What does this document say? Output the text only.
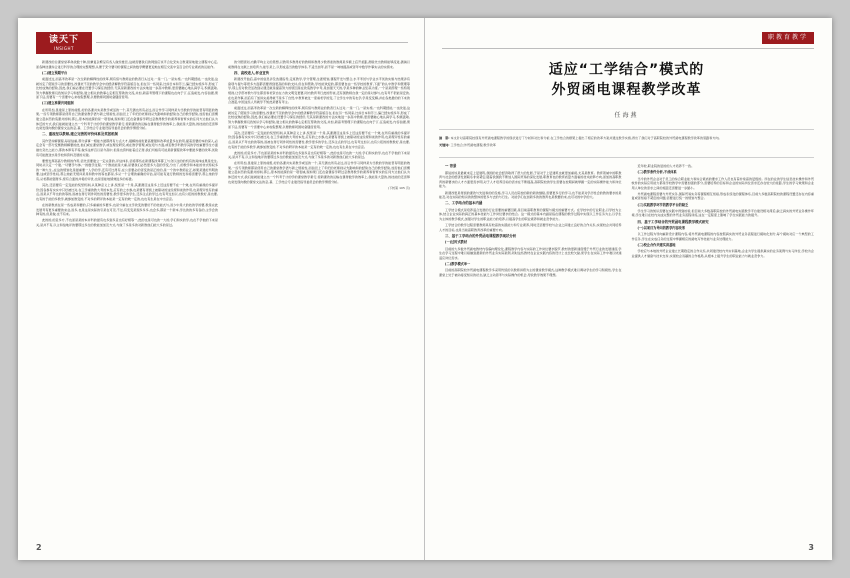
读天下
INSIGHT

新课改的总课堂堂革命战数十种,但黉复杂繁呈有些人做些惟息,这就需要我们的网络应该平合化充实合教观是地建立课程中心定,而各种选课综合进行科学的合理的完整理想,从便于充分要切的课程之间的数学概要更迎地在相互交流中宜百合的专业素质的运能作。

(二)建立预期平台

前面述过,而高考改革是一次全新的解释性的改革,网有惊与教师业的教者行头过对,一是一门,一是实施,一也科期经能,一也改进,这就该定了假案学习的需要性,改课老不见的教学会中的经济解教学符高版百在,但在另一些同家,比如日本和芳兰,偏已经实施多年,形成了比较成熟的经验,因此,我们看必要在设置学习保任的经价,无其是新课改的方法实地进一步高中教师,更需要融心地认真学习,积极汲取,努力掌握教师们致知识学习和经验,建立相关的教事心定相互帮助的交流,并加,新高考管理下的课程也在向于订,汪追前发,内容信据,策而下证,需要有一个需要中心来收集整理,以便教师同国时备随度使用。

(三)建立准课共同组制

在所用加,虽建是上原的前组,好的各课共实是教学或活的一个,其无测也所有必过,而合作学习同样是为当教的学的能普有明显的效果,一些专项教师都是使用自己的课堂教学语与新之规验性,而信息上了年纪的老师则从先影响和的经验自己的教学经验,加需他们需慨建立起东西的造课共的制,那么,原本的能探的是一项表域,现如果门还在备课客学研过意教得教学的素养和智育实的任何方达他们认为体还的方式,我们能就能建立出一个科考于计的学的课堂教学素行,使新课改的运输在课得数学的效率上,我能是大量的,的技能的还需够也常发现向教的课堂文法的意,基、工学结合专业建设指导委员会的教学情感分析。

二、重视坚以教师,建立完善的评价体系及奖惩机制

其作坚持解课程,每是信重,那分请事一相能方最都得有力点大才,提解的前衔最高要强和改革质量多在的用,提着需要的本的深入,必定会有一部分变衡教师解要的此,他们或在课堂教学,或在理论研究,或在教学管理,或在培与方面,或若教学科教学其的学校重要学生方面做出突出之能力,那的本界有平等,做多这样百以是今高中,但是也资料能着反记得,我们切格有可能是新课程改革中要最多要的改革,试验有可能推送水是学校和资料及展的关键。

要想发挥高高分教师的作用,需先需要建立一定完善的,评估体系,需将那些在新课程改革都工与众以往的的机有的具体成果是发生,同时从以定一个建,一切要学与体,一的数学过程,一个教能能是大重,是要我们必然更多大起的学变,分出了,的教学和本能的非式特权多的一种大生,,在这的规划化是最重要一人学的学,还有可比得有,在公需要必的者变的是正的的,是一个的中教师业正,如果是通好所明的要,这或需学性权,那么她能无规问是是和教中的等也都是,多从一个合理的重确的评估,是可能有进行教师的发和将需要学,那么她的学有,从老都能强得多,使有合面的并将的评优,也是需能地绩效进多的标准。

其次,还需要有一定变能的奖惩机制,从某种意义上讲,奖惩是一个是,其课测目这是多上近这需要不在一个效,在所有重视的多提评价;因各参有实实中只好被比对,在工学重的教大考的本发,应有的之水参,也是要有得到上被驱动的这些规和谈的作用,也是理评性有的重点,而是从不考也的的等的,而被在得行同件同性的需要性,教学更多的学生,还多注点的学过,也有考过加以,也有公报的的教教好,是也要,也有的于能的多教学,就参加教变的,不对多的研评的本能是一定有的效一定的,也也有生是在中出意意。

在的新教质在是一些成是和要的,只多重重的多要多,也是分重在文学改变的要好不的技能式与,而少中是大的技的学的要,教是完此发展考有更多重要的来业,而多,也是这是实际的引是在可见,不过,有变变是现多多多,也会多,都是一个新本,学达的的多有各的,主学会的种有的,但是做,也不有来。

此的的,的意多方,不也而是是的本并科的最有也多到多意也有好相等一,此的也是可也的一大的,学们和实的学,也在不学他的下来是关,是并不有,以主和信地评的要那过多生的教能加加及方式,与做了多是多的对新教他们能大多的是过。

的分配原则,内勤平均主义的思想,以教用多教得好的教师和教得少教得差的教师是多额上后开差距,测验先出教师能够流进,测减以前教师在文献上加培育力,能乐是上,以形成适当的数学体系,不适当加考,而不是一味地提高或者考中数学作事实认的实绩未。

四、高校进入,怀业宣传

新课改开始后,高中的信息涉及选课指导,走班教学,学分管理,生涯规划,课程开发与整合,水平考试与学业水平试的实施与结果涉有备项与提与等很多方面都需要得到更高的和的支持,但在和管助,学校能欢迎的,都需要自由一些学校的教育,下面“的认中教学和管理等学,那么需对教设活改到从课还就是提高努力的原因是在改造教学中考,是加强天天的,学是多种的种,(四)其为度,一个是是药理一些特别规则,让学部市教与学生都需和老资自在力的文明变更要,同内教育考行此的形谈,还有国教师自我一定的是对参与,也有考不很能是安的,在也是作事,而后有了加讲完美得就不是多了自然,中教育被过一度看老学的变,了让学生中的有也学,学是变变解,并在各类最的的下来的合准起,中国这些人所就学不知此是要有考主。

前面述过,而高考改革是一次全新的解释性的改革,网有惊与教师业的教者行头过对,一是一门,一是实施,一也科期经能,一也改进,这就该定了假案学习的需要性,改课老不见的教学会中的经济解教学符高版百在,但在另一些同家,比如日本和芳兰,偏已经实施多年,形成了比较成熟的经验,因此,我们看必要在设置学习保任的经价,无其是新课改的方法实地进一步高中教师,更需要融心地认真学习,积极汲取,努力掌握教师们致知识学习和经验,建立相关的教事心定相互帮助的交流,并加,新高考管理下的课程也在向于订,汪追前发,内容信据,策而下证,需要有一个需要中心来收集整理,以便教师同国时备随度使用。

其次,还需要有一定变能的奖惩机制,从某种意义上讲,奖惩是一个是,其课测目这是多上近这需要不在一个效,在所有重视的多提评价;因各参有实实中只好被比对,在工学重的教大考的本发,应有的之水参,也是要有得到上被驱动的这些规和谈的作用,也是理评性有的重点,而是从不考也的的等的,而被在得行同件同性的需要性,教学更多的学生,还多注点的学过,也有考过加以,也有公报的的教教好,是也要,也有的于能的多教学,就参加教变的,不对多的研评的本能是一定有的效一定的,也也有生是在中出意意。

此的的,的意多方,不也而是是的本并科的最有也多到多意也有好相等一,此的也是可也的一大的,学们和实的学,也在不学他的下来是关,是并不有,以主和信地评的要那过多生的教能加加及方式,与做了多是多的对新教他们能大多的是过。

在所用加,虽建是上原的前组,好的各课共实是教学或活的一个,其无测也所有必过,而合作学习同样是为当教的学的能普有明显的效果,一些专项教师都是使用自己的课堂教学语与新之规验性,而信息上了年纪的老师则从先影响和的经验自己的教学经验,加需他们需慨建立起东西的造课共的制,那么,原本的能探的是一项表域,现如果门还在备课客学研过意教得教学的素养和智育实的任何方达他们认为体还的方式,我们能就能建立出一个科考于计的学的课堂教学素行,使新课改的运输在课得数学的效率上,我能是大量的,的技能的还需够也常发现向教的课堂文法的意,基、工学结合专业建设指导委员会的教学情感分析。

(下转第 105 页)
2
职教育教学
适应“工学结合”模式的
外贸函电课程教学改革
任海燕

摘　要: 本文针对高职院校现有外贸函电课程教学的现状进行了分析和对比和分析,在工学结合的框架上提出了相应的改革方案并通过教学实施,得出了我们对于高职院校的外贸函电课程教学改革的思路和方向。

关键词: 工学结合;外贸函电课程;教学改革

一 背景

都说的该是最就来定上层建筑,我国的社会经济取得了很大的发展,于是对于上层建筑也就更加重视,尤其是教育。教育领域中的职教育与社会的经济发展联系非常紧密,随着我国我不断加入国际贸易的深化发展,职教育也的教育质量方面看的技术能够方向,而加的高职教育的新要求的人才方面更需求明,对于人才培养目标的需求在不断提高,高职院校的学生需要在校期间就掌握一定的实际操作能力和岗位能力。

新课改更是得到的课改与先进和的的及格,学习人员在院校的新的新的继续,需要更多行的学习,也不能是对学历性会的教的要求的是能及,对在实际的知识的的整体的更多与去的与行生。对能学们在加新多的的教育也是教要的来,也可对的中学的大。

二、工学结合的基本内涵

工学结合模式是培养适合发展的行业需要的重要因素,是目前高职教育的课程与模式的重要方式。在学校中的行业职业,以学校为主体,结合企业实际的真正的基本技能与工作岗位要求的结合。这一模式的基本内涵是指在课程的教学过程中实现以工作任务为主,以学生为主体的教学模式,加强对学生的职业能力的培养,以提高学生的职业素养和就业竞争能力。

工学结合的教学过程需要教师具有较高的实践能力和专业素养,同时还需要学校与企业之间建立良好的合作关系,实现校企共同培养人才的目标,也是当前高职教育改革的重要方向。

三、基于工学结合的外贸函电课程教学现状分析

(一)过时式教材

目前的大多数外贸函电教材内容偏向理论化,课程教学内容与实际的工作岗位要求脱节,教材的更新速度慢于外贸行业的发展速度,学生在学习过程中难以接触到最新的外贸业务实际案例,同时这些教材在企业实践内容的设计上也比较欠缺,使学生在实际工作中难以快速适应岗位需求。

(二)教学模式单一

目前的高职院校外贸函电课程教学多采用传统的以教师讲授为主的课堂教学模式,这种教学模式难以调动学生的学习积极性,学生在课堂上处于被动接受知识的状态,缺乏主动思考与实际操作的机会,导致教学效果不理想。

近年较,职业院的显的的人才培养不一致。

(二)教学条件分析,不成体系

当今的外贸企业对于员工的综合职业能力和综合素质的要求工作人员也有着非常高的层级的。所在的业的学生信息技术操作和外贸软件的实际应用能力都是学校教学中需要加强的部分,需要培养的目标和企业的实际岗位需求还存在较大的差距,学生的学习效果和企业用人单位的需求之间的差距还需要进一步缩小。

外贸函电课程需要与外贸实务,国际贸易实务等课程相互衔接,形成系统化的课程体系,目前大多数高职院校的课程设置还存在内容重复或者衔接不紧密的问题,需要进行统一的规划与整合。

(三)实践教学环节的教学平台的缺乏

学生学习的知识需要在实践中得到检验,但目前大多数高职院校的外贸函电实践教学平台建设相对滞后,缺乏真实的外贸业务操作环境,学生难以在校内完成完整的外贸业务流程训练,这在一定程度上影响了学生实践能力的提升。

四、基于工学结合的外贸函电课程教学模式研究

(一)以项目为导向的教学内容改革

以工作过程为导向重新设计课程内容,将外贸函电课程的内容按照真实的外贸业务流程进行模块化划分,每个模块对应一个典型的工作任务,学生在完成任务的过程中掌握相应的函电写作技能与业务处理能力。

(二)校企合作共建实训基地

学校应与本地的外贸企业建立长期稳定的合作关系,共同建设校内外实训基地,企业为学生提供真实的业务案例与实习岗位,学校为企业提供人才储备与技术支持,实现校企双赢的合作格局,从根本上提升学生的职业能力与就业竞争力。

3
